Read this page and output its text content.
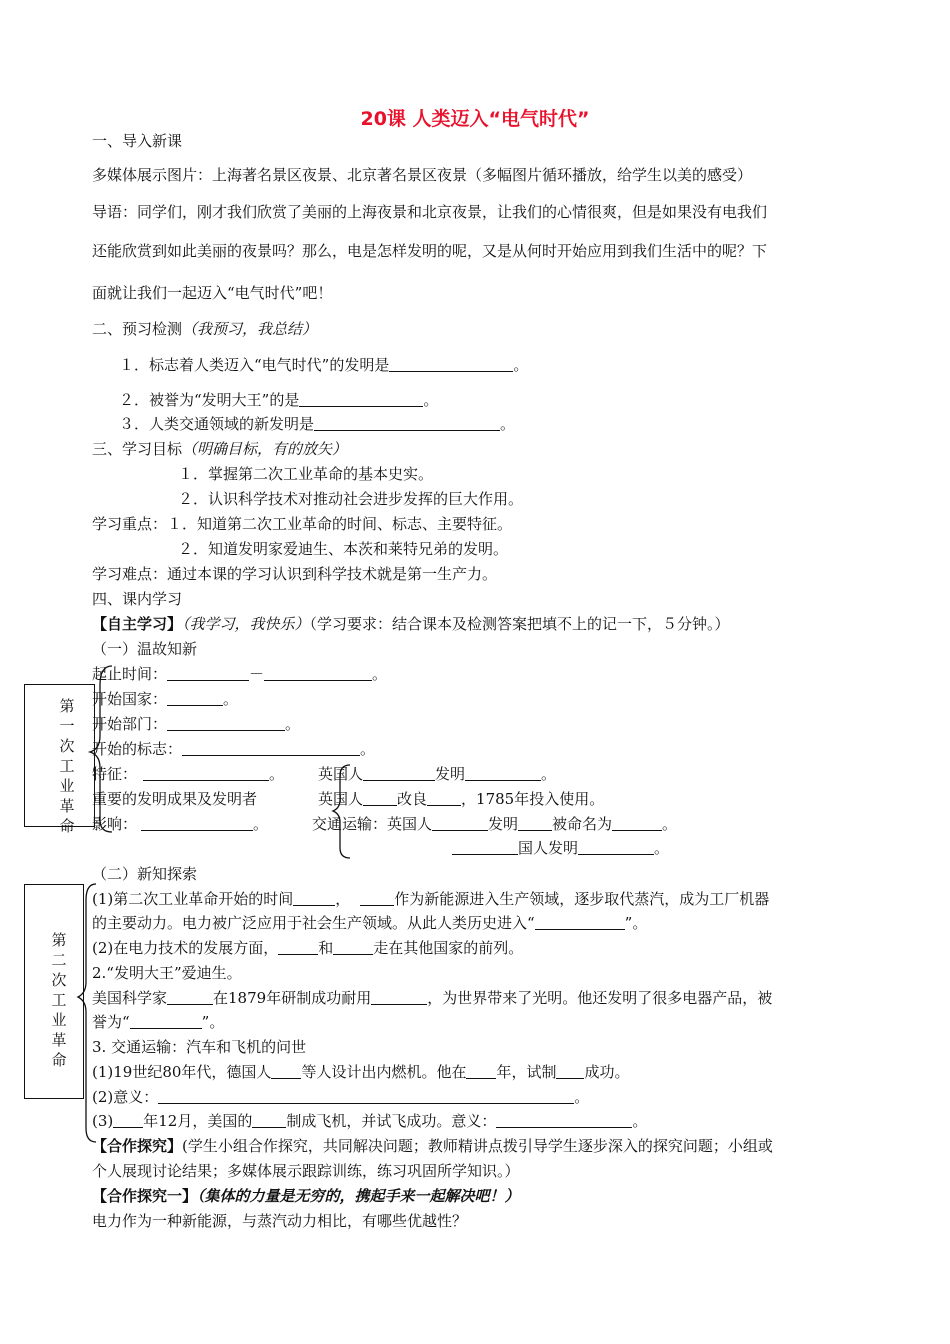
20课 人类迈入“电气时代”
一、导入新课
多媒体展示图片：上海著名景区夜景、北京著名景区夜景（多幅图片循环播放，给学生以美的感受）
导语：同学们，刚才我们欣赏了美丽的上海夜景和北京夜景，让我们的心情很爽，但是如果没有电我们
还能欣赏到如此美丽的夜景吗？那么，电是怎样发明的呢，又是从何时开始应用到我们生活中的呢？下
面就让我们一起迈入“电气时代”吧！
二、预习检测（我预习，我总结）
１．标志着人类迈入“电气时代”的发明是	。
２．被誉为“发明大王”的是	。
３．人类交通领域的新发明是	。
三、学习目标（明确目标，有的放矢）
１．掌握第二次工业革命的基本史实。
２．认识科学技术对推动社会进步发挥的巨大作用。
学习重点：１．知道第二次工业革命的时间、标志、主要特征。
２．知道发明家爱迪生、本茨和莱特兄弟的发明。
学习难点：通过本课的学习认识到科学技术就是第一生产力。
四、课内学习
【自主学习】（我学习，我快乐）（学习要求：结合课本及检测答案把填不上的记一下，５分钟。）
（一）温故知新
第一次工业革命
起止时间：	－	。
开始国家：	。
开始部门：	。
开始的标志：	。
特征：	。 英国人	发明	。
重要的发明成果及发明者	英国人 改良 ，1785年投入使用。
影响：	。	交通运输：英国人	发明 被命名为	。
国人发明	。
（二）新知探索
第二次工业革命
(1)第二次工业革命开始的时间	，	作为新能源进入生产领域，逐步取代蒸汽，成为工厂机器
的主要动力。电力被广泛应用于社会生产领域。从此人类历史进入“	”。
(2)在电力技术的发展方面，	和	走在其他国家的前列。
2.“发明大王”爱迪生。
美国科学家	在1879年研制成功耐用	，为世界带来了光明。他还发明了很多电器产品，被
誉为“	”。
3. 交通运输：汽车和飞机的问世
(1)19世纪80年代，德国人 等人设计出内燃机。他在 年，试制 成功。
(2)意义：	。
(3) 年12月，美国的 制成飞机，并试飞成功。意义：	。
【合作探究】(学生小组合作探究，共同解决问题；教师精讲点拨引导学生逐步深入的探究问题；小组或
个人展现讨论结果；多媒体展示跟踪训练，练习巩固所学知识。）
【合作探究一】（集体的力量是无穷的，携起手来一起解决吧！）
电力作为一种新能源，与蒸汽动力相比，有哪些优越性？
